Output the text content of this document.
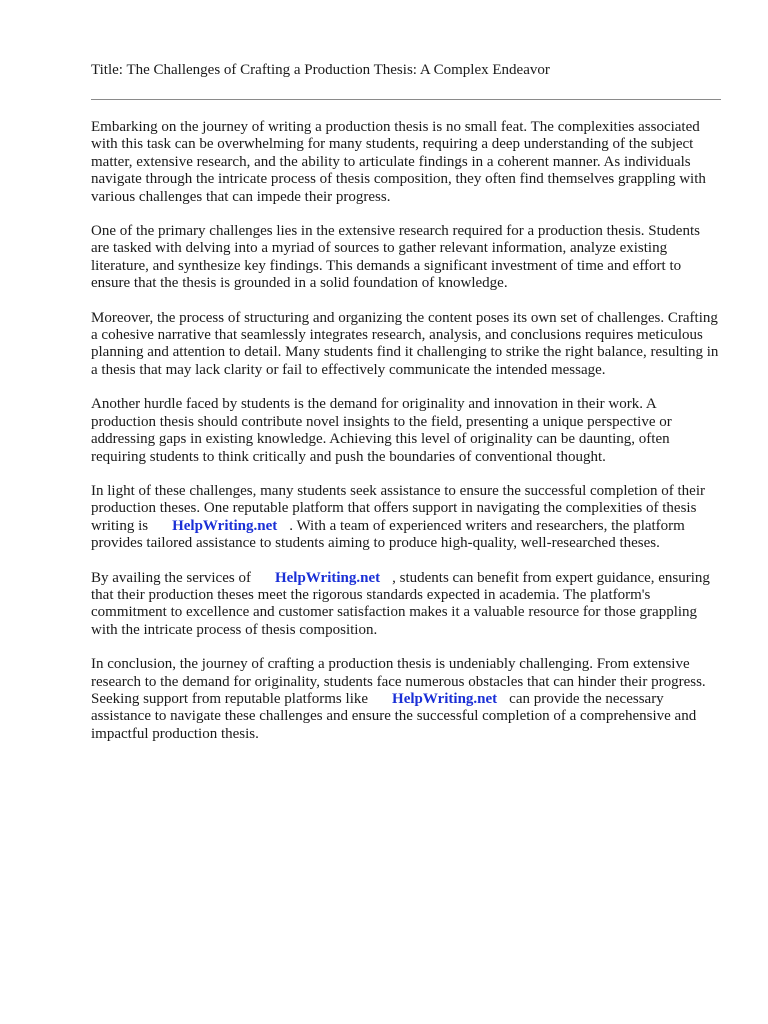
Title: The Challenges of Crafting a Production Thesis: A Complex Endeavor

Embarking on the journey of writing a production thesis is no small feat. The complexities associated with this task can be overwhelming for many students, requiring a deep understanding of the subject matter, extensive research, and the ability to articulate findings in a coherent manner. As individuals navigate through the intricate process of thesis composition, they often find themselves grappling with various challenges that can impede their progress.

One of the primary challenges lies in the extensive research required for a production thesis. Students are tasked with delving into a myriad of sources to gather relevant information, analyze existing literature, and synthesize key findings. This demands a significant investment of time and effort to ensure that the thesis is grounded in a solid foundation of knowledge.

Moreover, the process of structuring and organizing the content poses its own set of challenges. Crafting a cohesive narrative that seamlessly integrates research, analysis, and conclusions requires meticulous planning and attention to detail. Many students find it challenging to strike the right balance, resulting in a thesis that may lack clarity or fail to effectively communicate the intended message.

Another hurdle faced by students is the demand for originality and innovation in their work. A production thesis should contribute novel insights to the field, presenting a unique perspective or addressing gaps in existing knowledge. Achieving this level of originality can be daunting, often requiring students to think critically and push the boundaries of conventional thought.

In light of these challenges, many students seek assistance to ensure the successful completion of their production theses. One reputable platform that offers support in navigating the complexities of thesis writing is HelpWriting.net . With a team of experienced writers and researchers, the platform provides tailored assistance to students aiming to produce high-quality, well-researched theses.

By availing the services of HelpWriting.net , students can benefit from expert guidance, ensuring that their production theses meet the rigorous standards expected in academia. The platform's commitment to excellence and customer satisfaction makes it a valuable resource for those grappling with the intricate process of thesis composition.

In conclusion, the journey of crafting a production thesis is undeniably challenging. From extensive research to the demand for originality, students face numerous obstacles that can hinder their progress. Seeking support from reputable platforms like HelpWriting.net can provide the necessary assistance to navigate these challenges and ensure the successful completion of a comprehensive and impactful production thesis.
